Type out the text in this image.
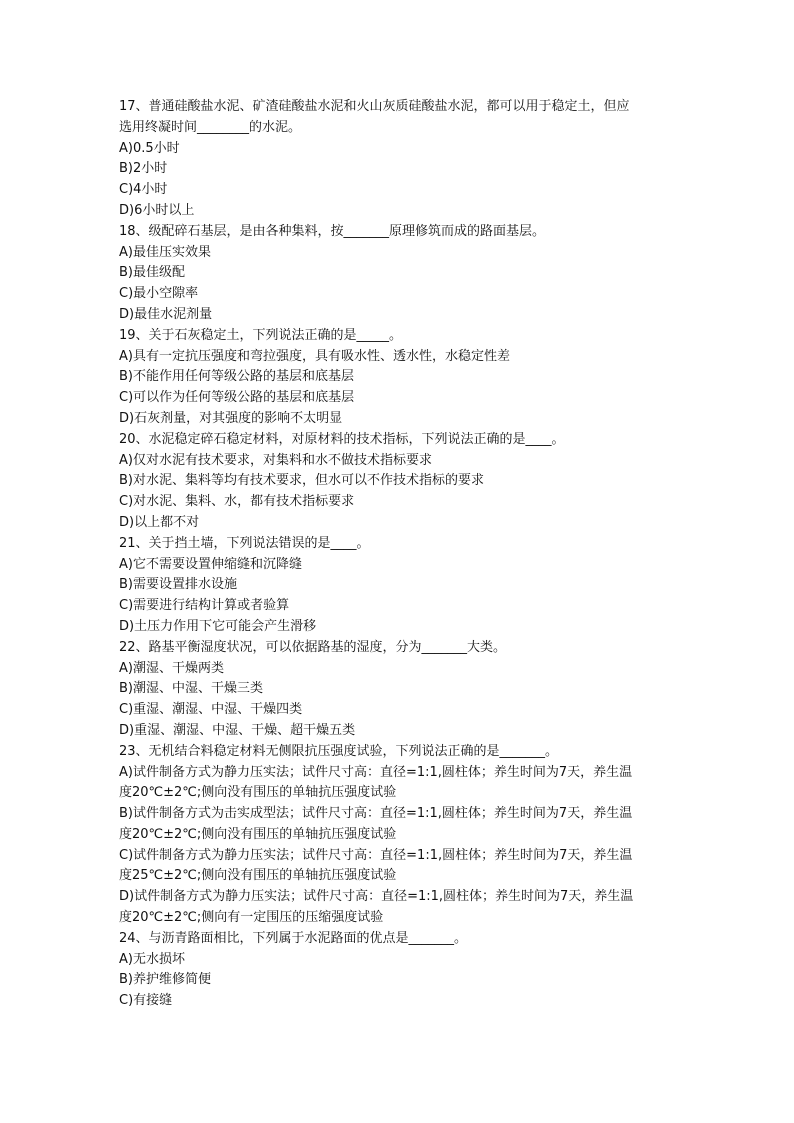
17、普通硅酸盐水泥、矿渣硅酸盐水泥和火山灰质硅酸盐水泥，都可以用于稳定土，但应

选用终凝时间________的水泥。

A)0.5小时

B)2小时

C)4小时

D)6小时以上

18、级配碎石基层，是由各种集料，按_______原理修筑而成的路面基层。

A)最佳压实效果

B)最佳级配

C)最小空隙率

D)最佳水泥剂量

19、关于石灰稳定土，下列说法正确的是_____。

A)具有一定抗压强度和弯拉强度，具有吸水性、透水性，水稳定性差

B)不能作用任何等级公路的基层和底基层

C)可以作为任何等级公路的基层和底基层

D)石灰剂量，对其强度的影响不太明显

20、水泥稳定碎石稳定材料，对原材料的技术指标，下列说法正确的是____。

A)仅对水泥有技术要求，对集料和水不做技术指标要求

B)对水泥、集料等均有技术要求，但水可以不作技术指标的要求

C)对水泥、集料、水，都有技术指标要求

D)以上都不对

21、关于挡土墙，下列说法错误的是____。

A)它不需要设置伸缩缝和沉降缝

B)需要设置排水设施

C)需要进行结构计算或者验算

D)土压力作用下它可能会产生滑移

22、路基平衡湿度状况，可以依据路基的湿度，分为_______大类。

A)潮湿、干燥两类

B)潮湿、中湿、干燥三类

C)重湿、潮湿、中湿、干燥四类

D)重湿、潮湿、中湿、干燥、超干燥五类

23、无机结合料稳定材料无侧限抗压强度试验，下列说法正确的是_______。

A)试件制备方式为静力压实法；试件尺寸高：直径=1:1,圆柱体；养生时间为7天，养生温
度20℃±2℃;侧向没有围压的单轴抗压强度试验

B)试件制备方式为击实成型法；试件尺寸高：直径=1:1,圆柱体；养生时间为7天，养生温
度20℃±2℃;侧向没有围压的单轴抗压强度试验

C)试件制备方式为静力压实法；试件尺寸高：直径=1:1,圆柱体；养生时间为7天，养生温
度25℃±2℃;侧向没有围压的单轴抗压强度试验

D)试件制备方式为静力压实法；试件尺寸高：直径=1:1,圆柱体；养生时间为7天，养生温
度20℃±2℃;侧向有一定围压的压缩强度试验

24、与沥青路面相比，下列属于水泥路面的优点是_______。

A)无水损坏

B)养护维修简便

C)有接缝
